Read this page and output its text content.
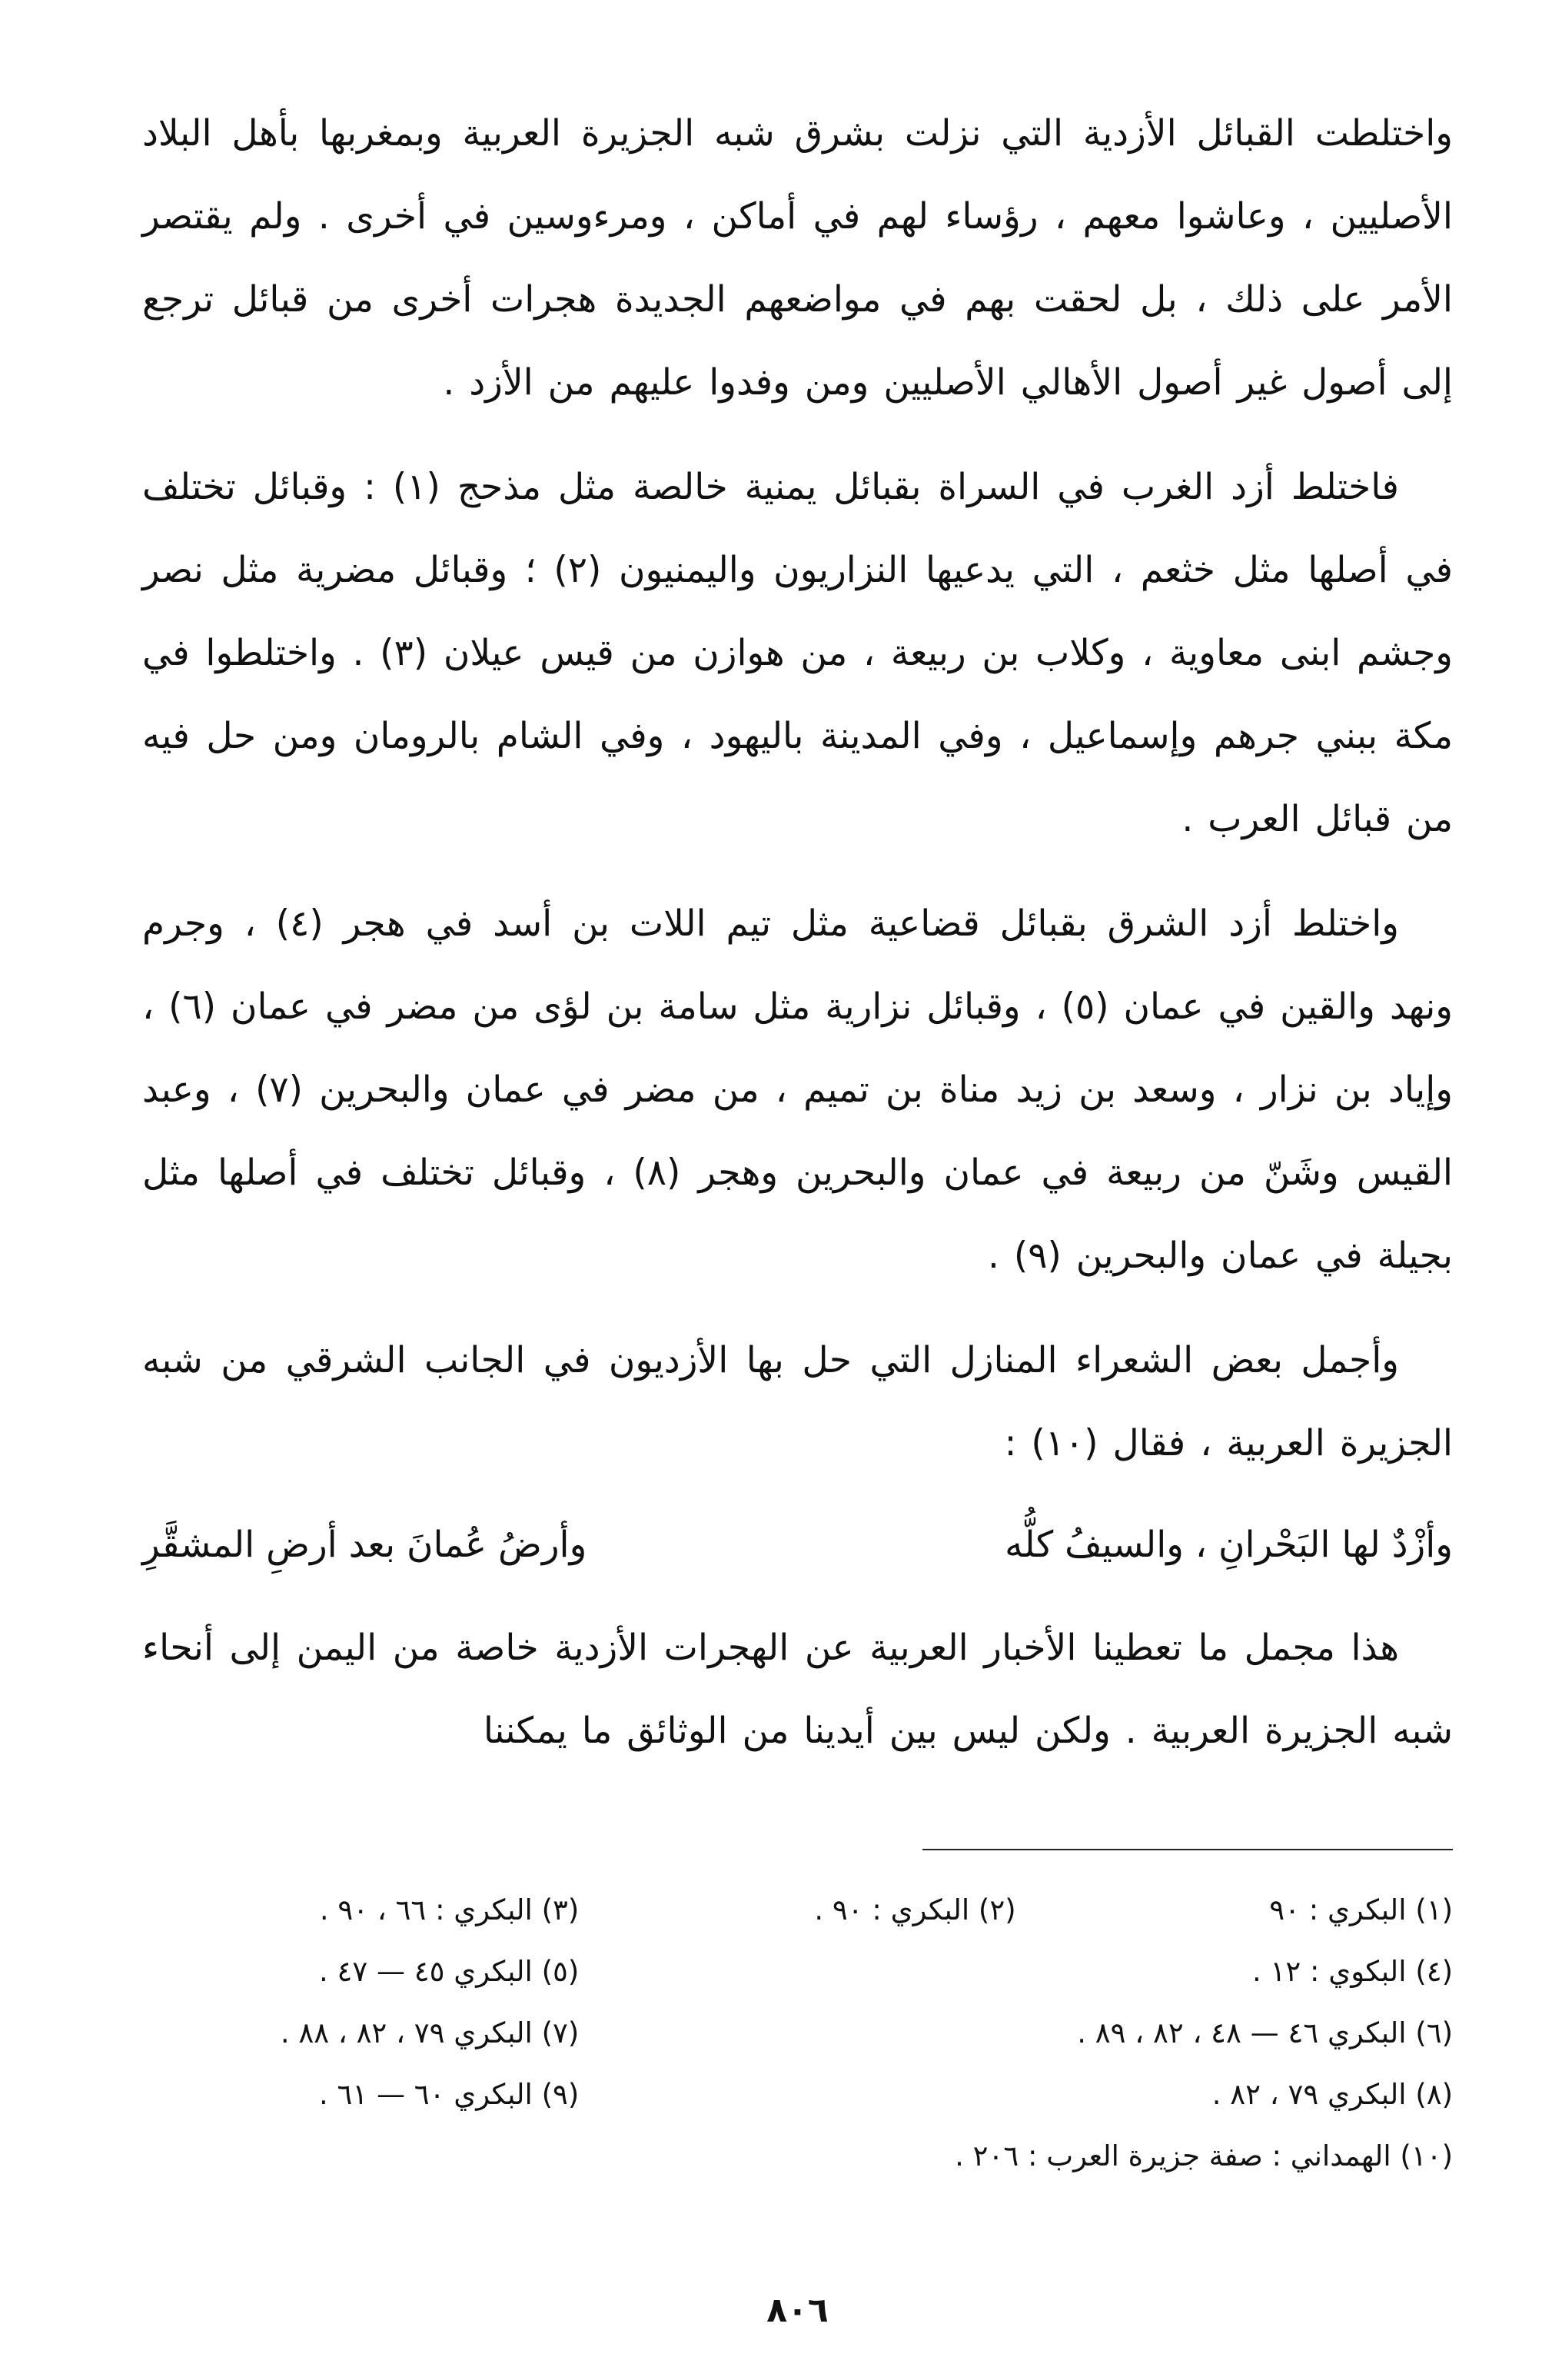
واختلطت القبائل الأزدية التي نزلت بشرق شبه الجزيرة العربية وبمغربها بأهل البلاد الأصليين ، وعاشوا معهم ، رؤساء لهم في أماكن ، ومرءوسين في أخرى . ولم يقتصر الأمر على ذلك ، بل لحقت بهم في مواضعهم الجديدة هجرات أخرى من قبائل ترجع إلى أصول غير أصول الأهالي الأصليين ومن وفدوا عليهم من الأزد .

فاختلط أزد الغرب في السراة بقبائل يمنية خالصة مثل مذحج (١) : وقبائل تختلف في أصلها مثل خثعم ، التي يدعيها النزاريون واليمنيون (٢) ؛ وقبائل مضرية مثل نصر وجشم ابنى معاوية ، وكلاب بن ربيعة ، من هوازن من قيس عيلان (٣) . واختلطوا في مكة ببني جرهم وإسماعيل ، وفي المدينة باليهود ، وفي الشام بالرومان ومن حل فيه من قبائل العرب .

واختلط أزد الشرق بقبائل قضاعية مثل تيم اللات بن أسد في هجر (٤) ، وجرم ونهد والقين في عمان (٥) ، وقبائل نزارية مثل سامة بن لؤى من مضر في عمان (٦) ، وإياد بن نزار ، وسعد بن زيد مناة بن تميم ، من مضر في عمان والبحرين (٧) ، وعبد القيس وشَنّ من ربيعة في عمان والبحرين وهجر (٨) ، وقبائل تختلف في أصلها مثل بجيلة في عمان والبحرين (٩) .

وأجمل بعض الشعراء المنازل التي حل بها الأزديون في الجانب الشرقي من شبه الجزيرة العربية ، فقال (١٠) :

وأزْدٌ لها البَحْرانِ ، والسيفُ كلُّه
وأرضُ عُمانَ بعد أرضِ المشقَّرِ

هذا مجمل ما تعطينا الأخبار العربية عن الهجرات الأزدية خاصة من اليمن إلى أنحاء شبه الجزيرة العربية . ولكن ليس بين أيدينا من الوثائق ما يمكننا

(١) البكري : ٩٠
(٢) البكري : ٩٠ .
(٣) البكري : ٦٦ ، ٩٠ .
(٤) البكوي : ١٢ .
(٥) البكري ٤٥ — ٤٧ .
(٦) البكري ٤٦ — ٤٨ ، ٨٢ ، ٨٩ .
(٧) البكري ٧٩ ، ٨٢ ، ٨٨ .
(٨) البكري ٧٩ ، ٨٢ .
(٩) البكري ٦٠ — ٦١ .
(١٠) الهمداني : صفة جزيرة العرب : ٢٠٦ .
٨٠٦
